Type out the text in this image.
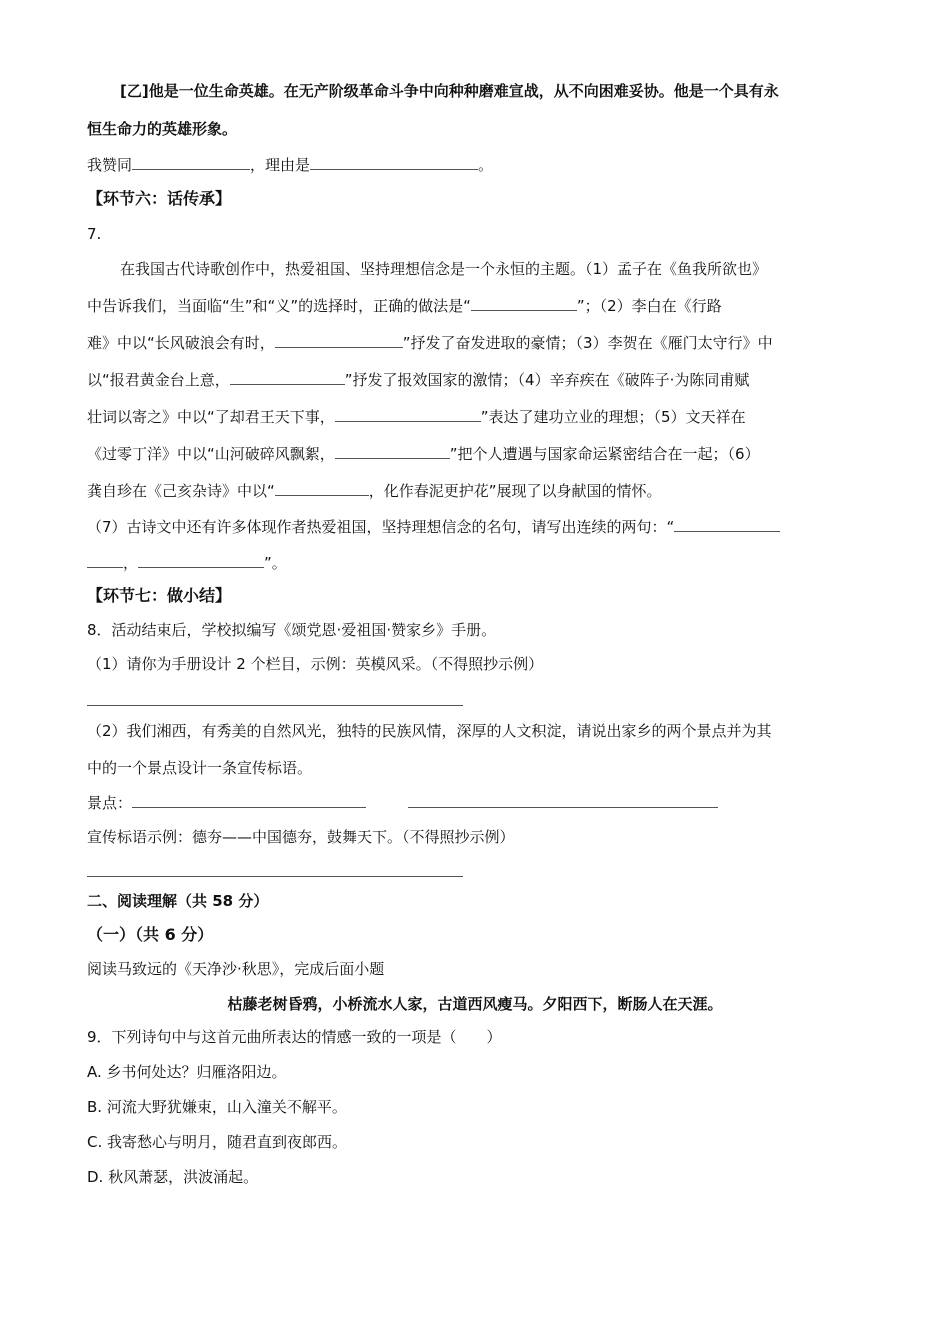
[乙]他是一位生命英雄。在无产阶级革命斗争中向种种磨难宣战，从不向困难妥协。他是一个具有永
恒生命力的英雄形象。
我赞同	，理由是	。
【环节六：话传承】
7.
在我国古代诗歌创作中，热爱祖国、坚持理想信念是一个永恒的主题。（1）孟子在《鱼我所欲也》
中告诉我们，当面临“生”和“义”的选择时，正确的做法是“	”；（2）李白在《行路
难》中以“长风破浪会有时，	”抒发了奋发进取的豪情；（3）李贺在《雁门太守行》中
以“报君黄金台上意，	”抒发了报效国家的激情；（4）辛弃疾在《破阵子·为陈同甫赋
壮词以寄之》中以“了却君王天下事，	”表达了建功立业的理想；（5）文天祥在
《过零丁洋》中以“山河破碎风飘絮，	”把个人遭遇与国家命运紧密结合在一起；（6）
龚自珍在《己亥杂诗》中以“	，化作春泥更护花”展现了以身献国的情怀。
（7）古诗文中还有许多体现作者热爱祖国，坚持理想信念的名句，请写出连续的两句：“
，	”。
【环节七：做小结】
8．活动结束后，学校拟编写《颂党恩·爱祖国·赞家乡》手册。
（1）请你为手册设计 2 个栏目，示例：英模风采。（不得照抄示例）
（2）我们湘西，有秀美的自然风光，独特的民族风情，深厚的人文积淀，请说出家乡的两个景点并为其
中的一个景点设计一条宣传标语。
景点：
宣传标语示例：德夯——中国德夯，鼓舞天下。（不得照抄示例）
二、阅读理解（共 58 分）
（一）（共 6 分）
阅读马致远的《天净沙·秋思》，完成后面小题
枯藤老树昏鸦，小桥流水人家，古道西风瘦马。夕阳西下，断肠人在天涯。
9．下列诗句中与这首元曲所表达的情感一致的一项是（　　）
A. 乡书何处达？归雁洛阳边。
B. 河流大野犹嫌束，山入潼关不解平。
C. 我寄愁心与明月，随君直到夜郎西。
D. 秋风萧瑟，洪波涌起。
